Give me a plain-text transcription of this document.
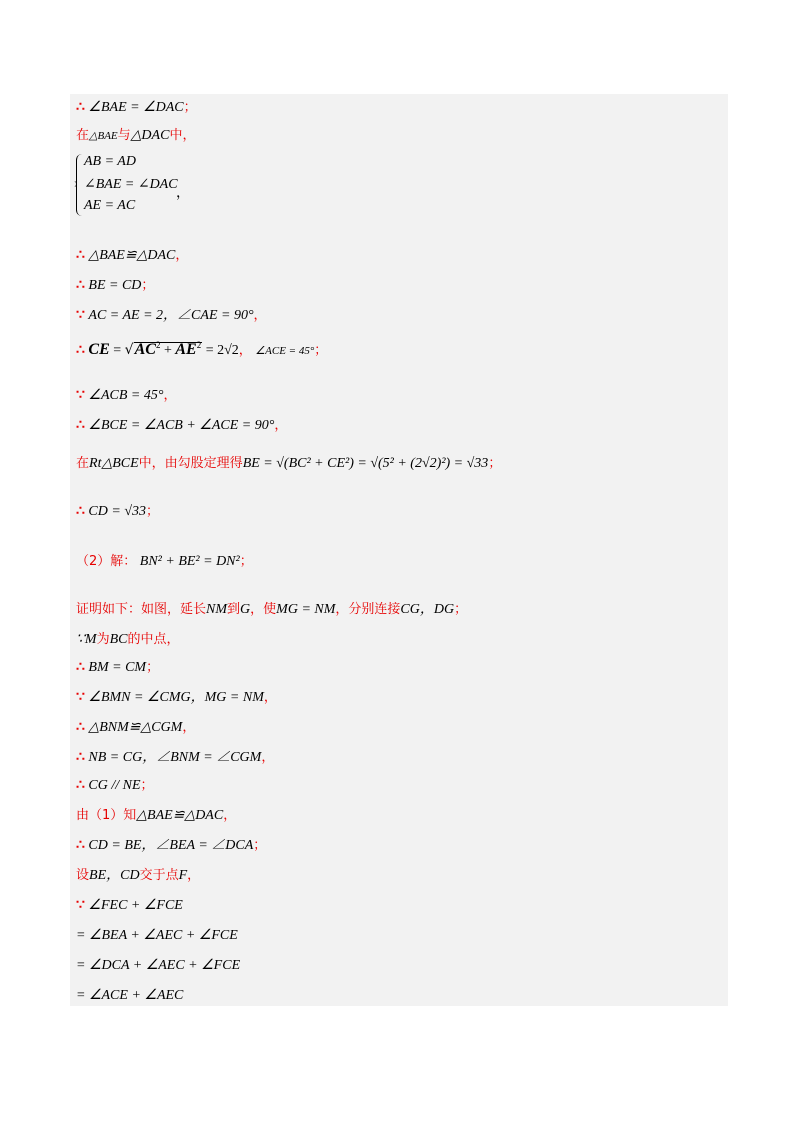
∴ ∠BAE = ∠DAC；
在△BAE与△DAC中，
AB = AD
∠BAE = ∠DAC
AE = AC
，
∴ △BAE≌△DAC，
∴ BE = CD；
∵ AC = AE = 2，∠CAE = 90°，
∴ CE = $√AC^2 + AE^2 = 2√2$， ∠ACE = 45°；
∵ ∠ACB = 45°，
∴ ∠BCE = ∠ACB + ∠ACE = 90°，
在Rt△BCE中，由勾股定理得BE = √(BC² + CE²) = √(5² + (2√2)²) = √33；
∴ CD = √33；
（2）解： BN² + BE² = DN²；
证明如下：如图，延长NM到G，使MG = NM，分别连接CG，DG；
∵M为BC的中点，
∴ BM = CM；
∵ ∠BMN = ∠CMG，MG = NM，
∴ △BNM≌△CGM，
∴ NB = CG，∠BNM = ∠CGM，
∴ CG // NE；
由（1）知△BAE≌△DAC，
∴ CD = BE，∠BEA = ∠DCA；
设BE，CD交于点F，
∵ ∠FEC + ∠FCE
= ∠BEA + ∠AEC + ∠FCE
= ∠DCA + ∠AEC + ∠FCE
= ∠ACE + ∠AEC
